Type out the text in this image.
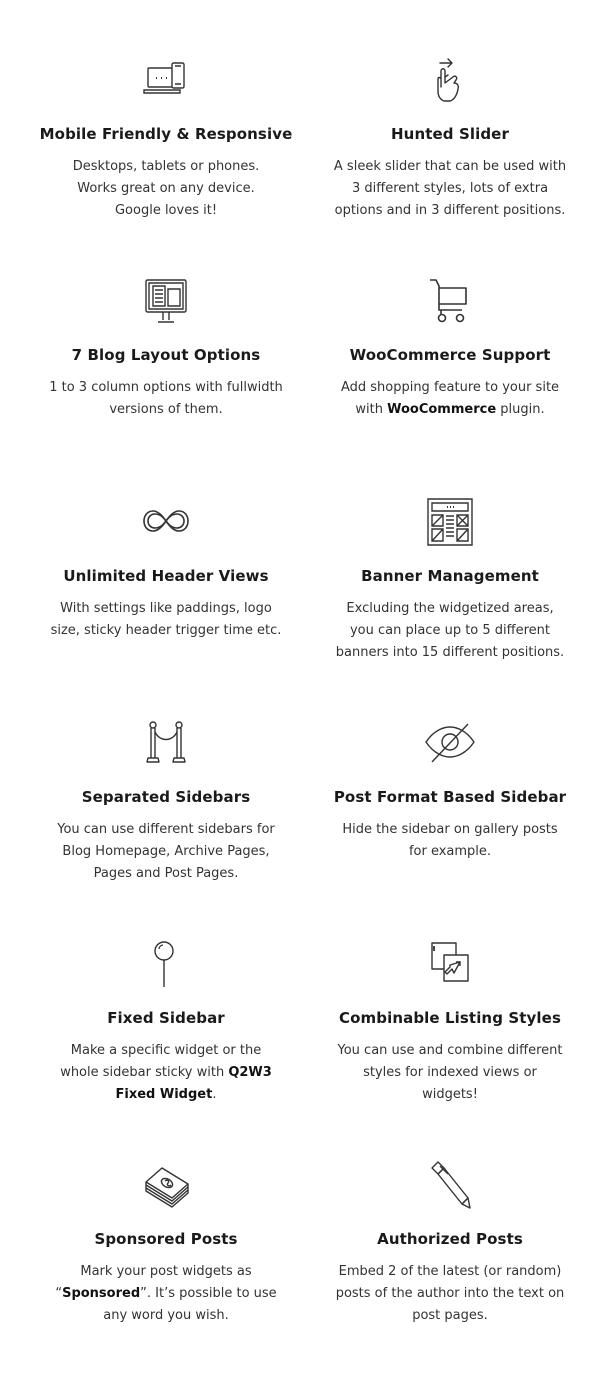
Mobile Friendly & Responsive
Desktops, tablets or phones.
Works great on any device.
Google loves it!
Hunted Slider
A sleek slider that can be used with
3 different styles, lots of extra
options and in 3 different positions.
7 Blog Layout Options
1 to 3 column options with fullwidth
versions of them.
WooCommerce Support
Add shopping feature to your site
with WooCommerce plugin.
Unlimited Header Views
With settings like paddings, logo
size, sticky header trigger time etc.
Banner Management
Excluding the widgetized areas,
you can place up to 5 different
banners into 15 different positions.
Separated Sidebars
You can use different sidebars for
Blog Homepage, Archive Pages,
Pages and Post Pages.
Post Format Based Sidebar
Hide the sidebar on gallery posts
for example.
Fixed Sidebar
Make a specific widget or the
whole sidebar sticky with Q2W3
Fixed Widget.
Combinable Listing Styles
You can use and combine different
styles for indexed views or
widgets!
Sponsored Posts
Mark your post widgets as
“Sponsored”. It’s possible to use
any word you wish.
Authorized Posts
Embed 2 of the latest (or random)
posts of the author into the text on
post pages.
